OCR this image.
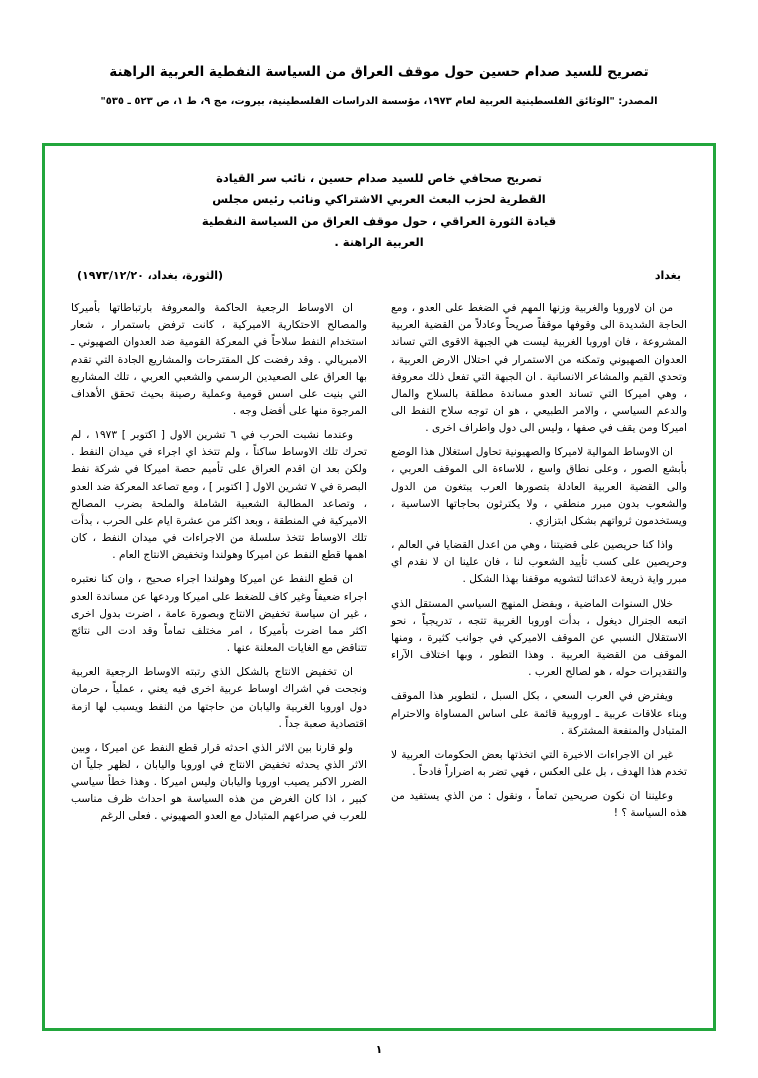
تصريح للسيد صدام حسين حول موقف العراق من السياسة النفطية العربية الراهنة
المصدر: "الوثائق الفلسطينية العربية لعام ١٩٧٣، مؤسسة الدراسات الفلسطينية، بيروت، مج ٩، ط ١، ص ٥٢٣ ـ ٥٣٥"
تصريح صحافي خاص للسيد صدام حسين ، نائب سر القيادة القطرية لحزب البعث العربي الاشتراكي ونائب رئيس مجلس قيادة الثورة العراقي ، حول موقف العراق من السياسة النفطية العربية الراهنة .
بغداد
(الثورة، بغداد، ١٩٧٣/١٢/٢٠)

من ان لاوروبا والغربية وزنها المهم في الضغط على العدو ، ومع الحاجة الشديدة الى وقوفها موقفاً صريحاً وعادلاً من القضية العربية المشروعة ، فان اوروبا الغربية ليست هي الجبهة الاقوى التي تساند العدوان الصهيوني وتمكنه من الاستمرار في احتلال الارض العربية ، وتحدي القيم والمشاعر الانسانية . ان الجبهة التي تفعل ذلك معروفة ، وهي اميركا التي تساند العدو مساندة مطلقة بالسلاح والمال والدعم السياسي ، والامر الطبيعي ، هو ان توجه سلاح النفط الى اميركا ومن يقف في صفها ، وليس الى دول واطراف اخرى .

ان الاوساط الموالية لاميركا والصهيونية تحاول استغلال هذا الوضع بأبشع الصور ، وعلى نطاق واسع ، للاساءة الى الموقف العربي ، والى القضية العربية العادلة بتصورها العرب يبتغون من الدول والشعوب بدون مبرر منطقي ، ولا يكترثون بحاجاتها الاساسية ، ويستخدمون ثرواتهم بشكل ابتزازي .

واذا كنا حريصين على قضيتنا ، وهي من اعدل القضايا في العالم ، وحريصين على كسب تأييد الشعوب لنا ، فان علينا ان لا نقدم اي مبرر واية ذريعة لاعدائنا لتشويه موقفنا بهذا الشكل .

خلال السنوات الماضية ، وبفضل المنهج السياسي المستقل الذي اتبعه الجنرال ديغول ، بدأت اوروبا الغربية تتجه ، تدريجياً ، نحو الاستقلال النسبي عن الموقف الاميركي في جوانب كثيرة ، ومنها الموقف من القضية العربية . وهذا التطور ، وبها اختلاف الآراء والتقديرات حوله ، هو لصالح العرب .

ويفترض في العرب السعي ، بكل السبل ، لتطوير هذا الموقف وبناء علاقات عربية ـ اوروبية قائمة على اساس المساواة والاحترام المتبادل والمنفعة المشتركة .

غير ان الاجراءات الاخيرة التي اتخذتها بعض الحكومات العربية لا تخدم هذا الهدف ، بل على العكس ، فهي تضر به اضراراً فادحاً .

وعليننا ان نكون صريحين تماماً ، ونقول : من الذي يستفيد من هذه السياسة ؟ !

ان الاوساط الرجعية الحاكمة والمعروفة بارتباطاتها بأميركا والمصالح الاحتكارية الاميركية ، كانت ترفض باستمرار ، شعار استخدام النفط سلاحاً في المعركة القومية ضد العدوان الصهيوني ـ الامبريالي . وقد رفضت كل المقترحات والمشاريع الجادة التي تقدم بها العراق على الصعيدين الرسمي والشعبي العربي ، تلك المشاريع التي بنيت على اسس قومية وعملية رصينة بحيث تحقق الأهداف المرجوة منها على أفضل وجه .

وعندما نشبت الحرب في ٦ تشرين الاول [ اكتوبر ] ١٩٧٣ ، لم تحرك تلك الاوساط ساكناً ، ولم تتخذ اي اجراء في ميدان النفط . ولكن بعد ان اقدم العراق على تأميم حصة اميركا في شركة نفط البصرة في ٧ تشرين الاول [ اكتوبر ] ، ومع تصاعد المعركة ضد العدو ، وتصاعد المطالبة الشعبية الشاملة والملحة بضرب المصالح الاميركية في المنطقة ، وبعد اكثر من عشرة ايام على الحرب ، بدأت تلك الاوساط تتخذ سلسلة من الاجراءات في ميدان النفط ، كان اهمها قطع النفط عن اميركا وهولندا وتخفيض الانتاج العام .

ان قطع النفط عن اميركا وهولندا اجراء صحيح ، وان كنا نعتبره اجراء ضعيفاً وغير كاف للضغط على اميركا وردعها عن مساندة العدو ، غير ان سياسة تخفيض الانتاج وبصورة عامة ، اضرت بدول اخرى اكثر مما اضرت بأميركا ، امر مختلف تماماً وقد ادت الى نتائج تتناقض مع الغايات المعلنة عنها .

ان تخفيض الانتاج بالشكل الذي رتبته الاوساط الرجعية العربية ونجحت في اشراك اوساط عربية اخرى فيه يعني ، عملياً ، حرمان دول اوروبا الغربية واليابان من حاجتها من النفط ويسبب لها ازمة اقتصادية صعبة جداً .

ولو قارنا بين الاثر الذي احدثه قرار قطع النفط عن اميركا ، وبين الاثر الذي يحدثه تخفيض الانتاج في اوروبا واليابان ، لظهر جلياً ان الضرر الاكبر يصيب اوروبا واليابان وليس اميركا . وهذا خطأ سياسي كبير ، اذا كان الغرض من هذه السياسة هو احداث ظرف مناسب للعرب في صراعهم المتبادل مع العدو الصهيوني . فعلى الرغم

١
